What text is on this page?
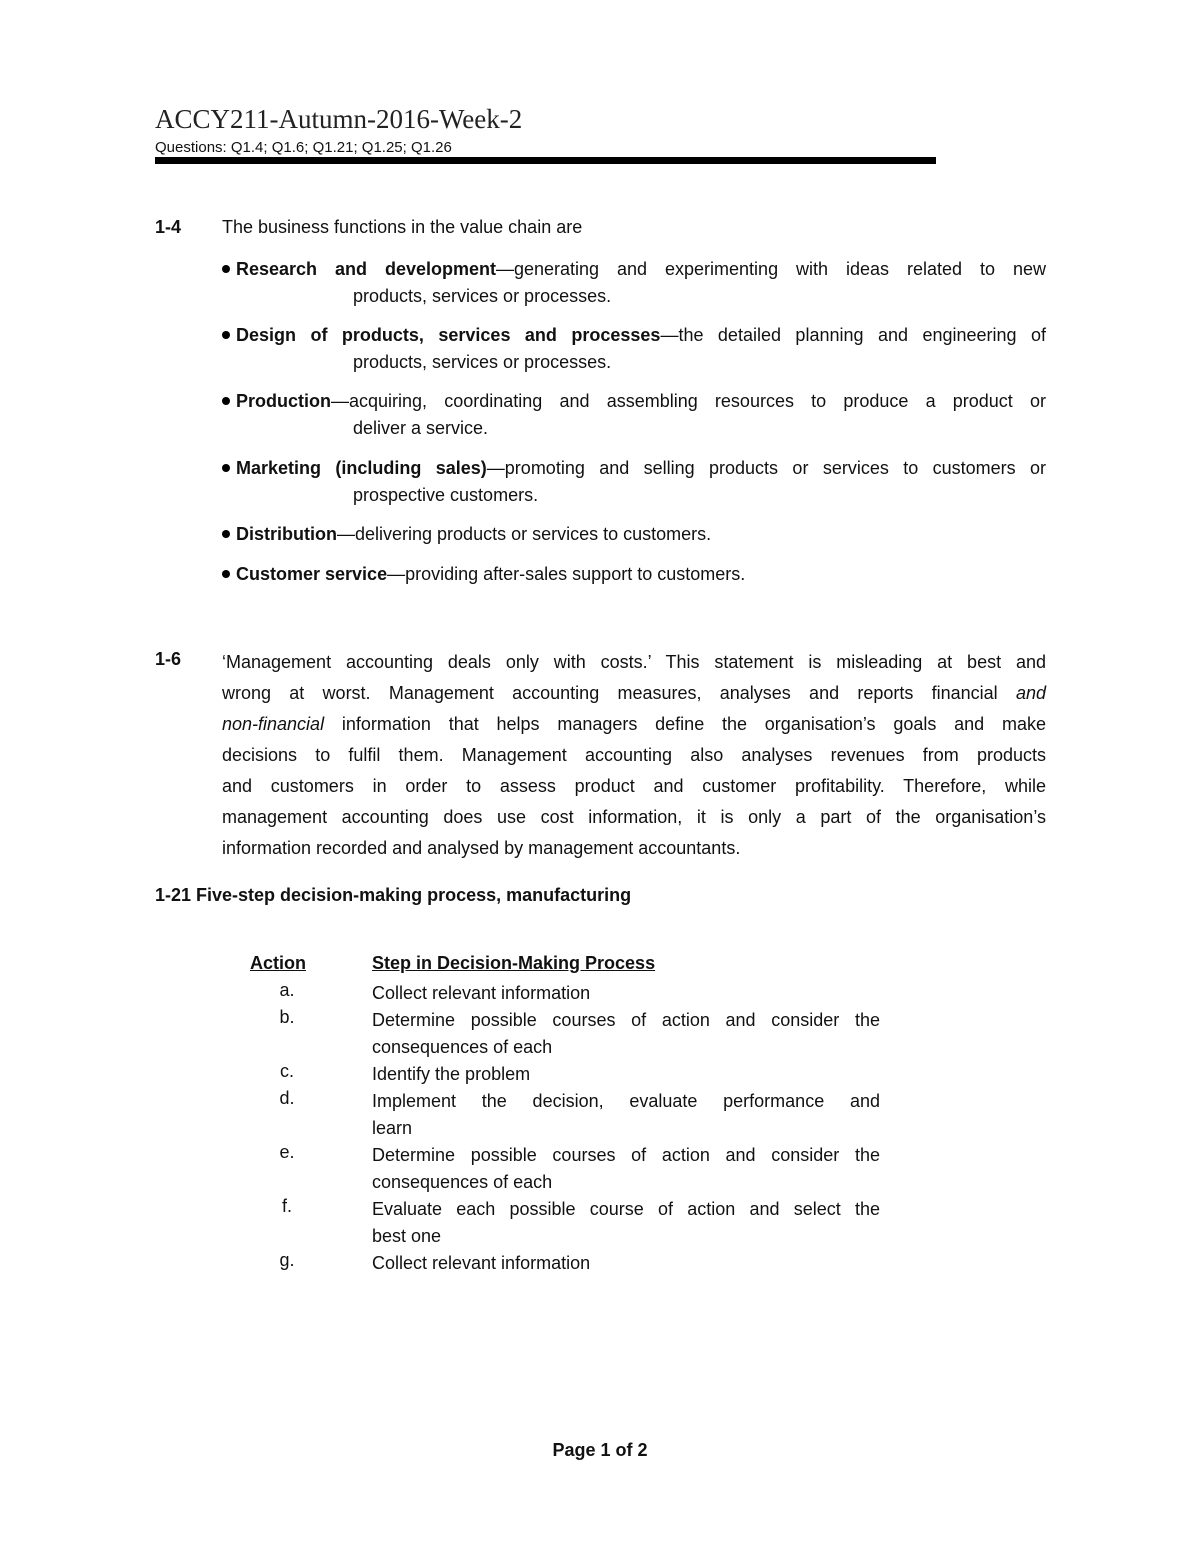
ACCY211-Autumn-2016-Week-2
Questions: Q1.4; Q1.6; Q1.21; Q1.25; Q1.26
1-4 The business functions in the value chain are
Research and development—generating and experimenting with ideas related to new
products, services or processes.
Design of products, services and processes—the detailed planning and engineering of
products, services or processes.
Production—acquiring, coordinating and assembling resources to produce a product or
deliver a service.
Marketing (including sales)—promoting and selling products or services to customers or
prospective customers.
Distribution—delivering products or services to customers.
Customer service—providing after-sales support to customers.
1-6 ‘Management accounting deals only with costs.’ This statement is misleading at best and
wrong at worst. Management accounting measures, analyses and reports financial and
non-financial information that helps managers define the organisation’s goals and make
decisions to fulfil them. Management accounting also analyses revenues from products
and customers in order to assess product and customer profitability. Therefore, while
management accounting does use cost information, it is only a part of the organisation’s
information recorded and analysed by management accountants.
1-21 Five-step decision-making process, manufacturing
Action	Step in Decision-Making Process
a.	Collect relevant information
b.	Determine possible courses of action and consider the
consequences of each
c.	Identify the problem
d.	Implement the decision, evaluate performance and
learn
e.	Determine possible courses of action and consider the
consequences of each
f.	Evaluate each possible course of action and select the
best one
g.	Collect relevant information
Page 1 of 2
